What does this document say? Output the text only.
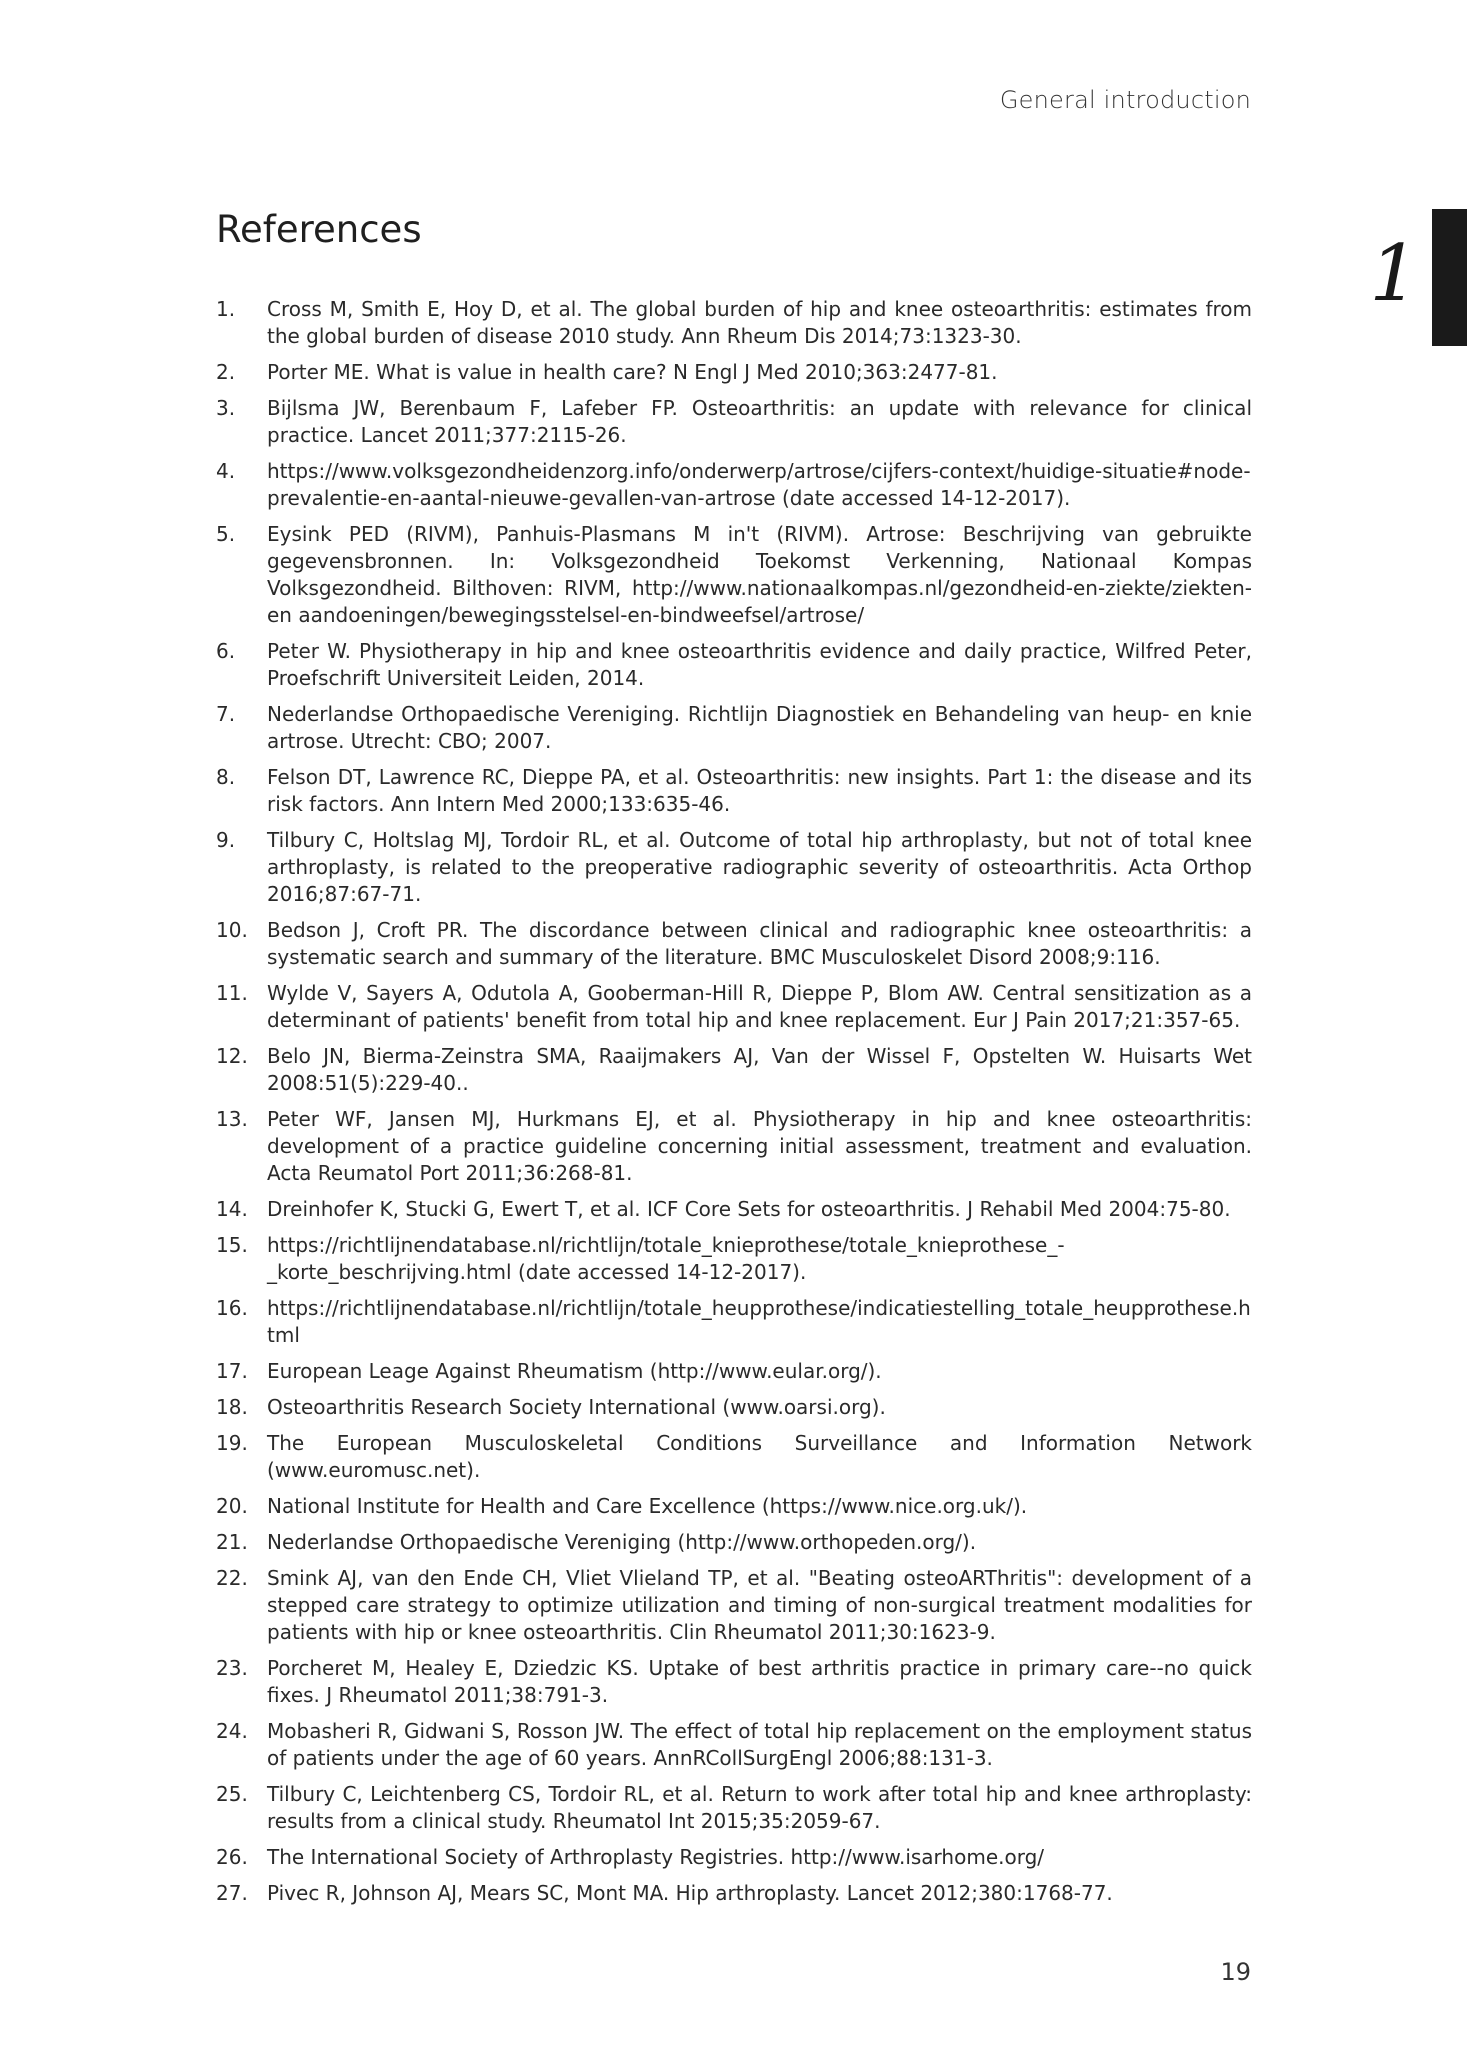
General introduction
1
References
1.	Cross M, Smith E, Hoy D, et al. The global burden of hip and knee osteoarthritis: estimates from the global burden of disease 2010 study. Ann Rheum Dis 2014;73:1323-30.
2.	Porter ME. What is value in health care? N Engl J Med 2010;363:2477-81.
3.	Bijlsma JW, Berenbaum F, Lafeber FP. Osteoarthritis: an update with relevance for clinical practice. Lancet 2011;377:2115-26.
4.	https://www.volksgezondheidenzorg.info/onderwerp/artrose/cijfers-context/huidige-situatie#node-prevalentie-en-aantal-nieuwe-gevallen-van-artrose (date accessed 14-12-2017).
5.	Eysink PED (RIVM), Panhuis-Plasmans M in't (RIVM). Artrose: Beschrijving van gebruikte gegevensbronnen. In: Volksgezondheid Toekomst Verkenning, Nationaal Kompas Volksgezondheid. Bilthoven: RIVM, http://www.nationaalkompas.nl/gezondheid-en-ziekte/ziekten-en aandoeningen/bewegingsstelsel-en-bindweefsel/artrose/
6.	Peter W. Physiotherapy in hip and knee osteoarthritis evidence and daily practice, Wilfred Peter, Proefschrift Universiteit Leiden, 2014.
7.	Nederlandse Orthopaedische Vereniging. Richtlijn Diagnostiek en Behandeling van heup- en knie artrose. Utrecht: CBO; 2007.
8.	Felson DT, Lawrence RC, Dieppe PA, et al. Osteoarthritis: new insights. Part 1: the disease and its risk factors. Ann Intern Med 2000;133:635-46.
9.	Tilbury C, Holtslag MJ, Tordoir RL, et al. Outcome of total hip arthroplasty, but not of total knee arthroplasty, is related to the preoperative radiographic severity of osteoarthritis. Acta Orthop 2016;87:67-71.
10. Bedson J, Croft PR. The discordance between clinical and radiographic knee osteoarthritis: a systematic search and summary of the literature. BMC Musculoskelet Disord 2008;9:116.
11. Wylde V, Sayers A, Odutola A, Gooberman-Hill R, Dieppe P, Blom AW. Central sensitization as a determinant of patients' benefit from total hip and knee replacement. Eur J Pain 2017;21:357-65.
12. Belo JN, Bierma-Zeinstra SMA, Raaijmakers AJ, Van der Wissel F, Opstelten W. Huisarts Wet 2008:51(5):229-40..
13. Peter WF, Jansen MJ, Hurkmans EJ, et al. Physiotherapy in hip and knee osteoarthritis: development of a practice guideline concerning initial assessment, treatment and evaluation. Acta Reumatol Port 2011;36:268-81.
14. Dreinhofer K, Stucki G, Ewert T, et al. ICF Core Sets for osteoarthritis. J Rehabil Med 2004:75-80.
15. https://richtlijnendatabase.nl/richtlijn/totale_knieprothese/totale_knieprothese_-_korte_beschrijving.html (date accessed 14-12-2017).
16. https://richtlijnendatabase.nl/richtlijn/totale_heupprothese/indicatiestelling_totale_heupprothese.html
17. European Leage Against Rheumatism (http://www.eular.org/).
18. Osteoarthritis Research Society International (www.oarsi.org).
19. The European Musculoskeletal Conditions Surveillance and Information Network (www.euromusc.net).
20. National Institute for Health and Care Excellence (https://www.nice.org.uk/).
21. Nederlandse Orthopaedische Vereniging (http://www.orthopeden.org/).
22. Smink AJ, van den Ende CH, Vliet Vlieland TP, et al. "Beating osteoARThritis": development of a stepped care strategy to optimize utilization and timing of non-surgical treatment modalities for patients with hip or knee osteoarthritis. Clin Rheumatol 2011;30:1623-9.
23. Porcheret M, Healey E, Dziedzic KS. Uptake of best arthritis practice in primary care--no quick fixes. J Rheumatol 2011;38:791-3.
24. Mobasheri R, Gidwani S, Rosson JW. The effect of total hip replacement on the employment status of patients under the age of 60 years. AnnRCollSurgEngl 2006;88:131-3.
25. Tilbury C, Leichtenberg CS, Tordoir RL, et al. Return to work after total hip and knee arthroplasty: results from a clinical study. Rheumatol Int 2015;35:2059-67.
26. The International Society of Arthroplasty Registries. http://www.isarhome.org/
27. Pivec R, Johnson AJ, Mears SC, Mont MA. Hip arthroplasty. Lancet 2012;380:1768-77.
19
